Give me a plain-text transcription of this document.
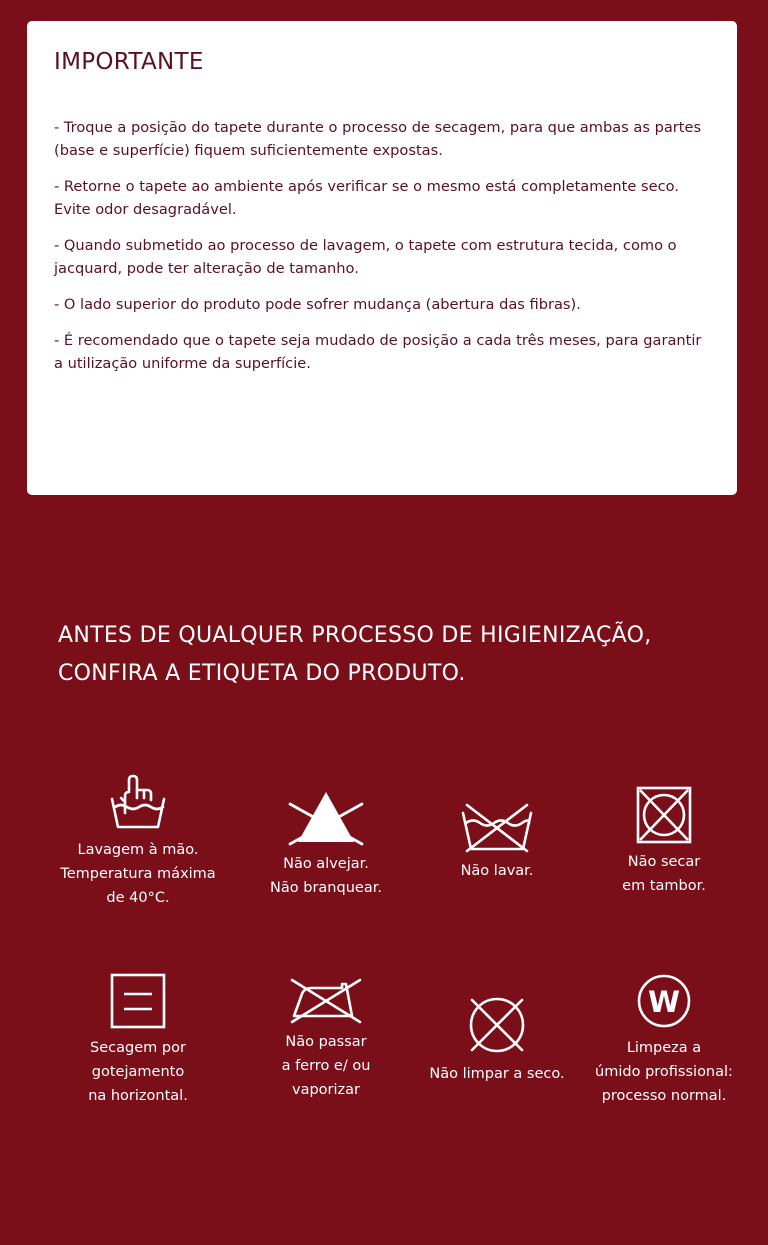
IMPORTANTE
- Troque a posição do tapete durante o processo de secagem, para que ambas as partes (base e superfície) fiquem suficientemente expostas.
- Retorne o tapete ao ambiente após verificar se o mesmo está completamente seco. Evite odor desagradável.
- Quando submetido ao processo de lavagem, o tapete com estrutura tecida, como o jacquard, pode ter alteração de tamanho.
- O lado superior do produto pode sofrer mudança (abertura das fibras).
- É recomendado que o tapete seja mudado de posição a cada três meses, para garantir a utilização uniforme da superfície.
ANTES DE QUALQUER PROCESSO DE HIGIENIZAÇÃO,
CONFIRA A ETIQUETA DO PRODUTO.
Lavagem à mão.
Temperatura máxima
de 40°C.
Não alvejar.
Não branquear.
Não lavar.
Não secar
em tambor.
Secagem por
gotejamento
na horizontal.
Não passar
a ferro e/ ou
vaporizar
Não limpar a seco.
W
Limpeza a
úmido profissional:
processo normal.
